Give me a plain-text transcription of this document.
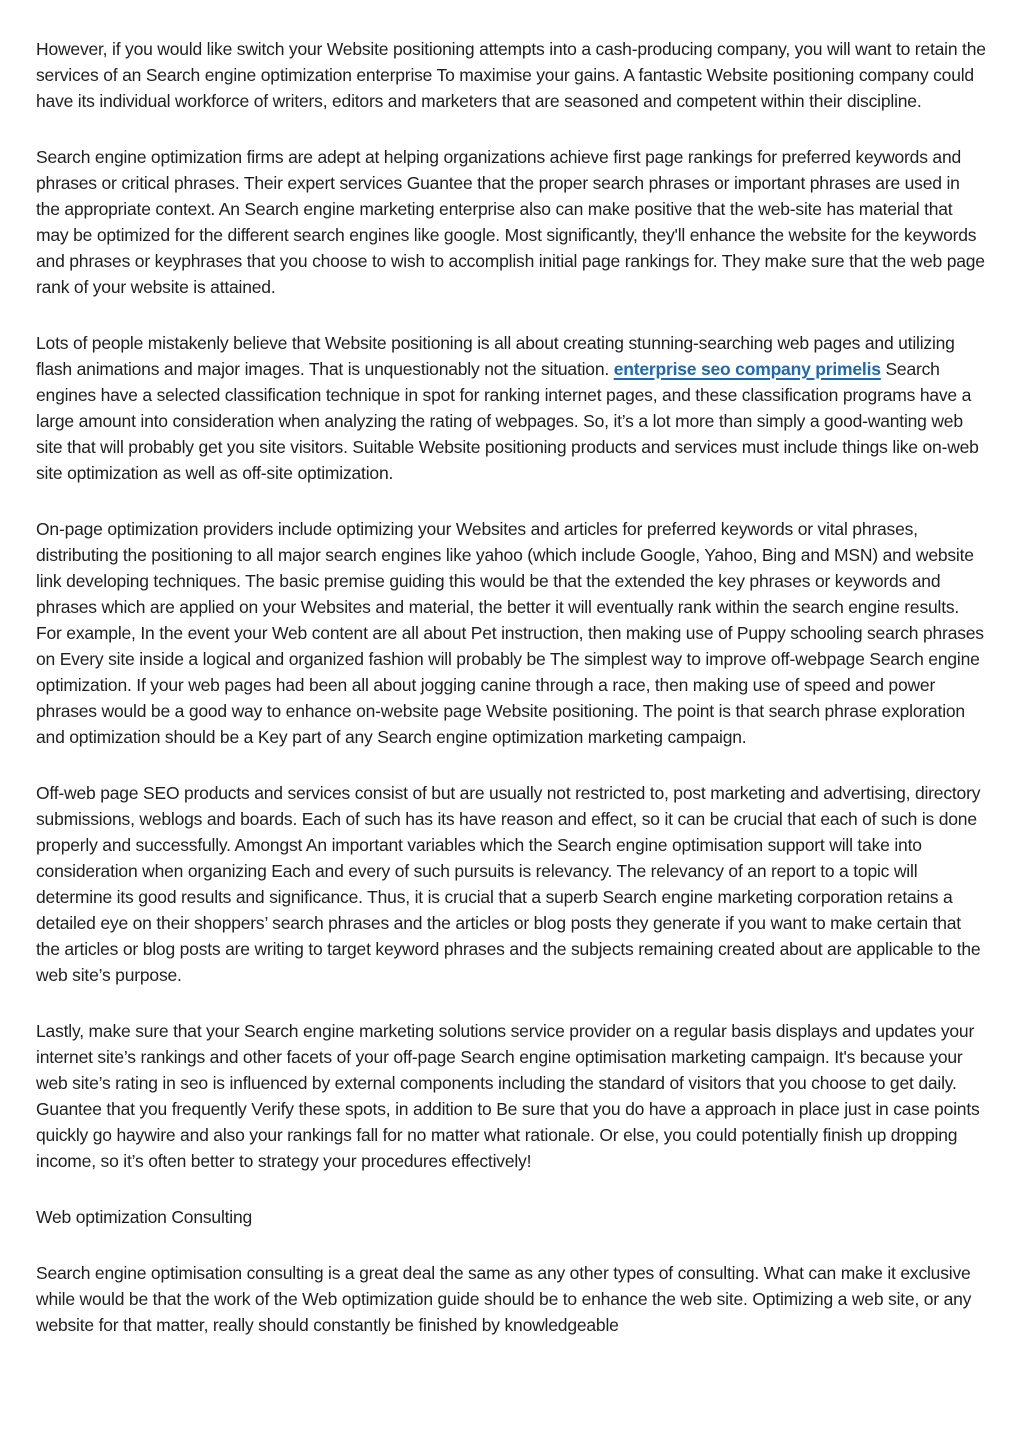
However, if you would like switch your Website positioning attempts into a cash-producing company, you will want to retain the services of an Search engine optimization enterprise To maximise your gains. A fantastic Website positioning company could have its individual workforce of writers, editors and marketers that are seasoned and competent within their discipline.

Search engine optimization firms are adept at helping organizations achieve first page rankings for preferred keywords and phrases or critical phrases. Their expert services Guantee that the proper search phrases or important phrases are used in the appropriate context. An Search engine marketing enterprise also can make positive that the web-site has material that may be optimized for the different search engines like google. Most significantly, they'll enhance the website for the keywords and phrases or keyphrases that you choose to wish to accomplish initial page rankings for. They make sure that the web page rank of your website is attained.

Lots of people mistakenly believe that Website positioning is all about creating stunning-searching web pages and utilizing flash animations and major images. That is unquestionably not the situation. enterprise seo company primelis Search engines have a selected classification technique in spot for ranking internet pages, and these classification programs have a large amount into consideration when analyzing the rating of webpages. So, it’s a lot more than simply a good-wanting web site that will probably get you site visitors. Suitable Website positioning products and services must include things like on-web site optimization as well as off-site optimization.

On-page optimization providers include optimizing your Websites and articles for preferred keywords or vital phrases, distributing the positioning to all major search engines like yahoo (which include Google, Yahoo, Bing and MSN) and website link developing techniques. The basic premise guiding this would be that the extended the key phrases or keywords and phrases which are applied on your Websites and material, the better it will eventually rank within the search engine results. For example, In the event your Web content are all about Pet instruction, then making use of Puppy schooling search phrases on Every site inside a logical and organized fashion will probably be The simplest way to improve off-webpage Search engine optimization. If your web pages had been all about jogging canine through a race, then making use of speed and power phrases would be a good way to enhance on-website page Website positioning. The point is that search phrase exploration and optimization should be a Key part of any Search engine optimization marketing campaign.

Off-web page SEO products and services consist of but are usually not restricted to, post marketing and advertising, directory submissions, weblogs and boards. Each of such has its have reason and effect, so it can be crucial that each of such is done properly and successfully. Amongst An important variables which the Search engine optimisation support will take into consideration when organizing Each and every of such pursuits is relevancy. The relevancy of an report to a topic will determine its good results and significance. Thus, it is crucial that a superb Search engine marketing corporation retains a detailed eye on their shoppers’ search phrases and the articles or blog posts they generate if you want to make certain that the articles or blog posts are writing to target keyword phrases and the subjects remaining created about are applicable to the web site’s purpose.

Lastly, make sure that your Search engine marketing solutions service provider on a regular basis displays and updates your internet site’s rankings and other facets of your off-page Search engine optimisation marketing campaign. It's because your web site’s rating in seo is influenced by external components including the standard of visitors that you choose to get daily. Guantee that you frequently Verify these spots, in addition to Be sure that you do have a approach in place just in case points quickly go haywire and also your rankings fall for no matter what rationale. Or else, you could potentially finish up dropping income, so it’s often better to strategy your procedures effectively!

Web optimization Consulting

Search engine optimisation consulting is a great deal the same as any other types of consulting. What can make it exclusive while would be that the work of the Web optimization guide should be to enhance the web site. Optimizing a web site, or any website for that matter, really should constantly be finished by knowledgeable
